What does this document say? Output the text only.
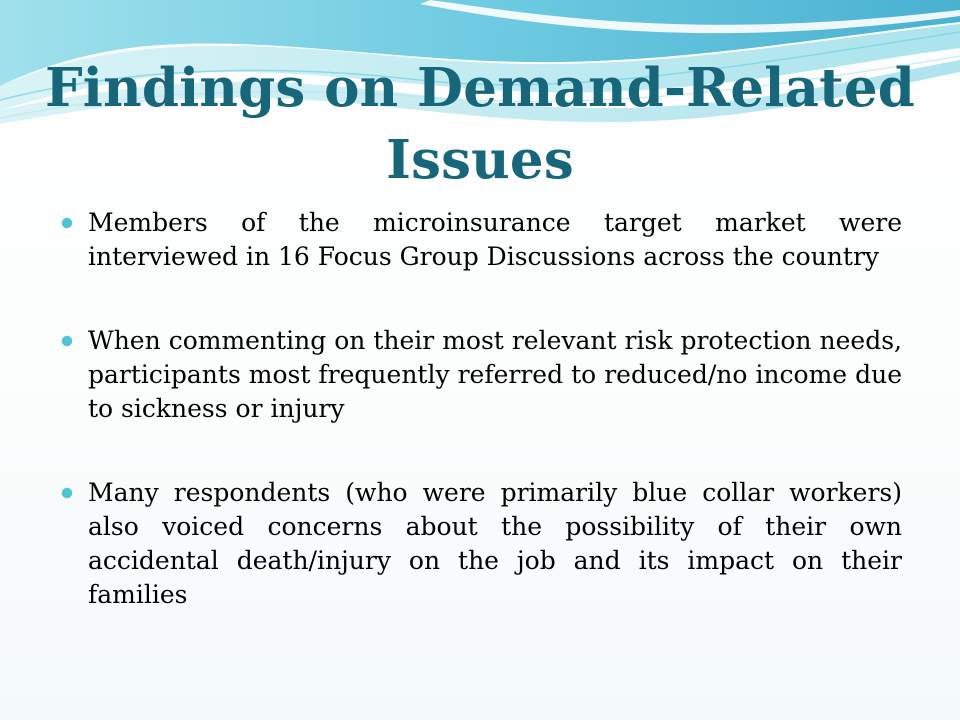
Findings on Demand-Related Issues
Members of the microinsurance target market were interviewed in 16 Focus Group Discussions across the country
When commenting on their most relevant risk protection needs, participants most frequently referred to reduced/no income due to sickness or injury
Many respondents (who were primarily blue collar workers) also voiced concerns about the possibility of their own accidental death/injury on the job and its impact on their families
